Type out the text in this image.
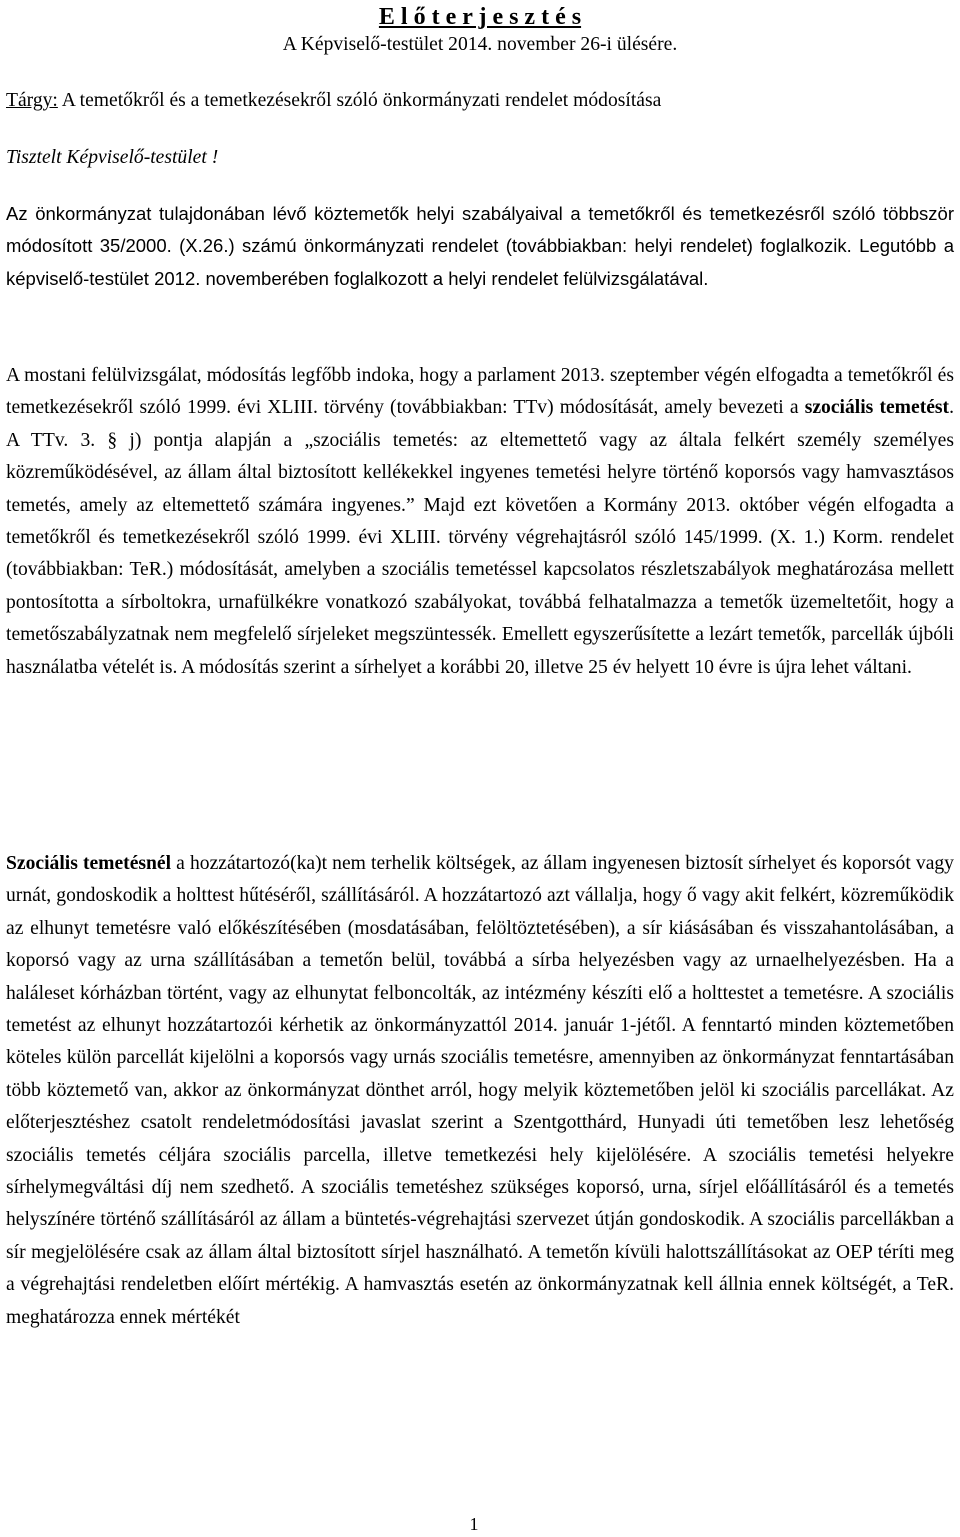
E l ő t e r j e s z t é s
A Képviselő-testület 2014. november 26-i ülésére.
Tárgy: A temetőkről és a temetkezésekről szóló önkormányzati rendelet módosítása
Tisztelt Képviselő-testület !
Az önkormányzat tulajdonában lévő köztemetők helyi szabályaival a temetőkről és temetkezésről szóló többször módosított 35/2000. (X.26.) számú önkormányzati rendelet (továbbiakban: helyi rendelet) foglalkozik. Legutóbb a képviselő-testület 2012. novemberében foglalkozott a helyi rendelet felülvizsgálatával.
A mostani felülvizsgálat, módosítás legfőbb indoka, hogy a parlament 2013. szeptember végén elfogadta a temetőkről és temetkezésekről szóló 1999. évi XLIII. törvény (továbbiakban: TTv) módosítását, amely bevezeti a szociális temetést. A TTv. 3. § j) pontja alapján a „szociális temetés: az eltemettető vagy az általa felkért személy személyes közreműködésével, az állam által biztosított kellékekkel ingyenes temetési helyre történő koporsós vagy hamvasztásos temetés, amely az eltemettető számára ingyenes.” Majd ezt követően a Kormány 2013. október végén elfogadta a temetőkről és temetkezésekről szóló 1999. évi XLIII. törvény végrehajtásról szóló 145/1999. (X. 1.) Korm. rendelet (továbbiakban: TeR.) módosítását, amelyben a szociális temetéssel kapcsolatos részletszabályok meghatározása mellett pontosította a sírboltokra, urnafülkékre vonatkozó szabályokat, továbbá felhatalmazza a temetők üzemeltetőit, hogy a temetőszabályzatnak nem megfelelő sírjeleket megszüntessék. Emellett egyszerűsítette a lezárt temetők, parcellák újbóli használatba vételét is. A módosítás szerint a sírhelyet a korábbi 20, illetve 25 év helyett 10 évre is újra lehet váltani.
Szociális temetésnél a hozzátartozó(ka)t nem terhelik költségek, az állam ingyenesen biztosít sírhelyet és koporsót vagy urnát, gondoskodik a holttest hűtéséről, szállításáról. A hozzátartozó azt vállalja, hogy ő vagy akit felkért, közreműködik az elhunyt temetésre való előkészítésében (mosdatásában, felöltöztetésében), a sír kiásásában és visszahantolásában, a koporsó vagy az urna szállításában a temetőn belül, továbbá a sírba helyezésben vagy az urnaelhelyezésben. Ha a haláleset kórházban történt, vagy az elhunytat felboncolták, az intézmény készíti elő a holttestet a temetésre. A szociális temetést az elhunyt hozzátartozói kérhetik az önkormányzattól 2014. január 1-jétől. A fenntartó minden köztemetőben köteles külön parcellát kijelölni a koporsós vagy urnás szociális temetésre, amennyiben az önkormányzat fenntartásában több köztemető van, akkor az önkormányzat dönthet arról, hogy melyik köztemetőben jelöl ki szociális parcellákat. Az előterjesztéshez csatolt rendeletmódosítási javaslat szerint a Szentgotthárd, Hunyadi úti temetőben lesz lehetőség szociális temetés céljára szociális parcella, illetve temetkezési hely kijelölésére. A szociális temetési helyekre sírhelymegváltási díj nem szedhető. A szociális temetéshez szükséges koporsó, urna, sírjel előállításáról és a temetés helyszínére történő szállításáról az állam a büntetés-végrehajtási szervezet útján gondoskodik. A szociális parcellákban a sír megjelölésére csak az állam által biztosított sírjel használható. A temetőn kívüli halottszállításokat az OEP téríti meg a végrehajtási rendeletben előírt mértékig. A hamvasztás esetén az önkormányzatnak kell állnia ennek költségét, a TeR. meghatározza ennek mértékét
1
